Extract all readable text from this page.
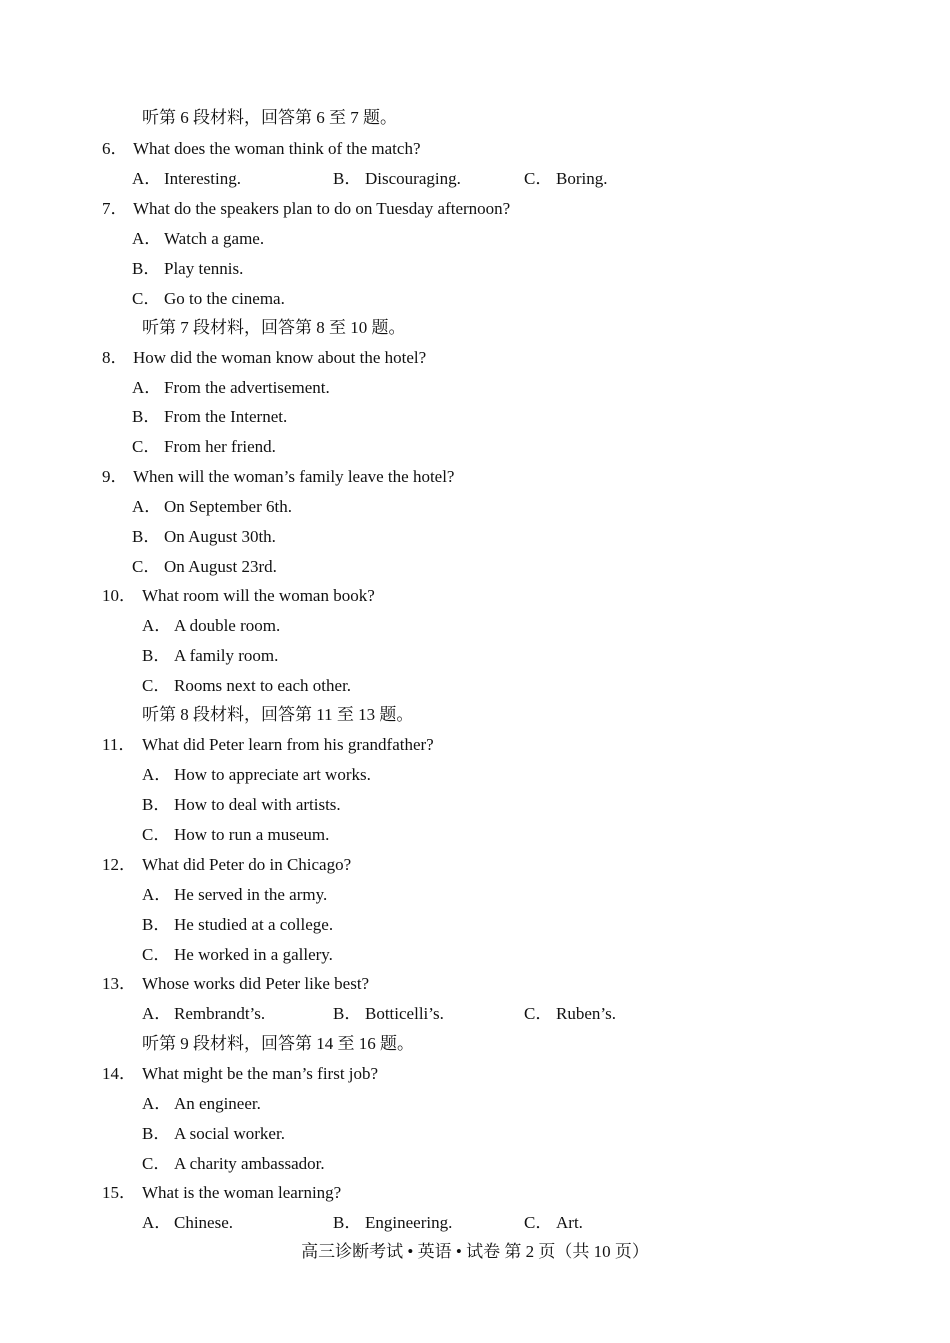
听第 6 段材料，回答第 6 至 7 题。
6． What does the woman think of the match?
A． Interesting.	B． Discouraging.	C． Boring.
7． What do the speakers plan to do on Tuesday afternoon?
A． Watch a game.
B． Play tennis.
C． Go to the cinema.
听第 7 段材料，回答第 8 至 10 题。
8． How did the woman know about the hotel?
A． From the advertisement.
B． From the Internet.
C． From her friend.
9． When will the woman’s family leave the hotel?
A． On September 6th.
B． On August 30th.
C． On August 23rd.
10． What room will the woman book?
A． A double room.
B． A family room.
C． Rooms next to each other.
听第 8 段材料，回答第 11 至 13 题。
11． What did Peter learn from his grandfather?
A． How to appreciate art works.
B． How to deal with artists.
C． How to run a museum.
12． What did Peter do in Chicago?
A． He served in the army.
B． He studied at a college.
C． He worked in a gallery.
13． Whose works did Peter like best?
A． Rembrandt’s.	B． Botticelli’s.	C． Ruben’s.
听第 9 段材料，回答第 14 至 16 题。
14． What might be the man’s first job?
A． An engineer.
B． A social worker.
C． A charity ambassador.
15． What is the woman learning?
A． Chinese.	B． Engineering.	C． Art.
高三诊断考试 • 英语 • 试卷 第 2 页（共 10 页）
